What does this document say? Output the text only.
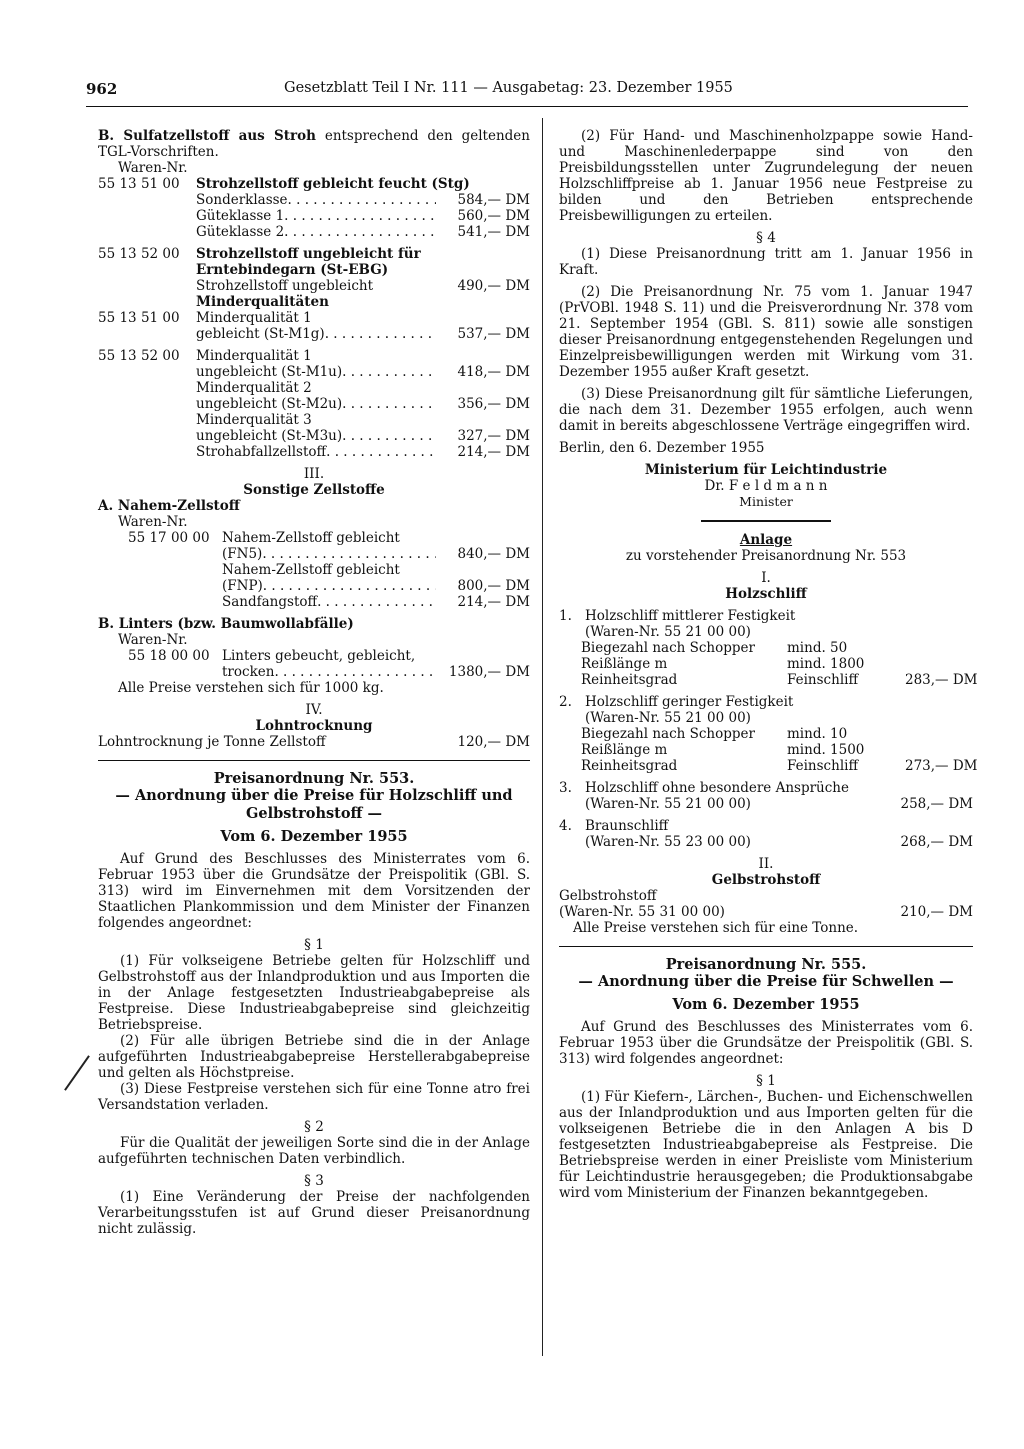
962	Gesetzblatt Teil I Nr. 111 — Ausgabetag: 23. Dezember 1955

B. Sulfatzellstoff aus Stroh entsprechend den geltenden TGL-Vorschriften.

Waren-Nr.

55 13 51 00	Strohzellstoff gebleicht feucht (Stg)
Sonderklasse . . .	584,— DM
Güteklasse 1 . . .	560,— DM
Güteklasse 2 . . .	541,— DM
55 13 52 00	Strohzellstoff ungebleicht für Erntebindegarn (St-EBG)
Strohzellstoff ungebleicht	490,— DM
Minderqualitäten
55 13 51 00	Minderqualität 1
gebleicht (St-M1g) . . .	537,— DM
55 13 52 00	Minderqualität 1
ungebleicht (St-M1u) . . .	418,— DM
Minderqualität 2
ungebleicht (St-M2u) . . .	356,— DM
Minderqualität 3
ungebleicht (St-M3u) . . .	327,— DM
Strohabfallzellstoff . . .	214,— DM

III.

Sonstige Zellstoffe

A. Nahem-Zellstoff

Waren-Nr.

55 17 00 00 Nahem-Zellstoff gebleicht
(FN5) . . .	840,— DM
Nahem-Zellstoff gebleicht
(FNP) . . .	800,— DM
Sandfangstoff . . .	214,— DM

B. Linters (bzw. Baumwollabfälle)

Waren-Nr.

55 18 00 00 Linters gebeucht, gebleicht,
trocken . . .	1380,— DM

Alle Preise verstehen sich für 1000 kg.

IV.

Lohntrocknung

Lohntrocknung je Tonne Zellstoff	120,— DM

Preisanordnung Nr. 553.

— Anordnung über die Preise für Holzschliff und Gelbstrohstoff —

Vom 6. Dezember 1955

Auf Grund des Beschlusses des Ministerrates vom 6. Februar 1953 über die Grundsätze der Preispolitik (GBl. S. 313) wird im Einvernehmen mit dem Vorsitzenden der Staatlichen Plankommission und dem Minister der Finanzen folgendes angeordnet:

§ 1

(1) Für volkseigene Betriebe gelten für Holzschliff und Gelbstrohstoff aus der Inlandproduktion und aus Importen die in der Anlage festgesetzten Industrieabgabepreise als Festpreise. Diese Industrieabgabepreise sind gleichzeitig Betriebspreise.

(2) Für alle übrigen Betriebe sind die in der Anlage aufgeführten Industrieabgabepreise Herstellerabgabepreise und gelten als Höchstpreise.

(3) Diese Festpreise verstehen sich für eine Tonne atro frei Versandstation verladen.

§ 2

Für die Qualität der jeweiligen Sorte sind die in der Anlage aufgeführten technischen Daten verbindlich.

§ 3

(1) Eine Veränderung der Preise der nachfolgenden Verarbeitungsstufen ist auf Grund dieser Preisanordnung nicht zulässig.

(2) Für Hand- und Maschinenholzpappe sowie Hand- und Maschinenlederpappe sind von den Preisbildungsstellen unter Zugrundelegung der neuen Holzschliffpreise ab 1. Januar 1956 neue Festpreise zu bilden und den Betrieben entsprechende Preisbewilligungen zu erteilen.

§ 4

(1) Diese Preisanordnung tritt am 1. Januar 1956 in Kraft.

(2) Die Preisanordnung Nr. 75 vom 1. Januar 1947 (PrVOBl. 1948 S. 11) und die Preisverordnung Nr. 378 vom 21. September 1954 (GBl. S. 811) sowie alle sonstigen dieser Preisanordnung entgegenstehenden Regelungen und Einzelpreisbewilligungen werden mit Wirkung vom 31. Dezember 1955 außer Kraft gesetzt.

(3) Diese Preisanordnung gilt für sämtliche Lieferungen, die nach dem 31. Dezember 1955 erfolgen, auch wenn damit in bereits abgeschlossene Verträge eingegriffen wird.

Berlin, den 6. Dezember 1955

Ministerium für Leichtindustrie

Dr. F e l d m a n n

Minister

Anlage

zu vorstehender Preisanordnung Nr. 553

I.

Holzschliff

1. Holzschliff mittlerer Festigkeit

(Waren-Nr. 55 21 00 00)

Biegezahl nach Schopper	mind. 50
Reißlänge m	mind. 1800
Reinheitsgrad	Feinschliff	283,— DM
2. Holzschliff geringer Festigkeit

(Waren-Nr. 55 21 00 00)

Biegezahl nach Schopper	mind. 10
Reißlänge m	mind. 1500
Reinheitsgrad	Feinschliff	273,— DM
3. Holzschliff ohne besondere Ansprüche
(Waren-Nr. 55 21 00 00)	258,— DM
4. Braunschliff
(Waren-Nr. 55 23 00 00)	268,— DM

II.

Gelbstrohstoff

Gelbstrohstoff

(Waren-Nr. 55 31 00 00)	210,— DM

Alle Preise verstehen sich für eine Tonne.

Preisanordnung Nr. 555.

— Anordnung über die Preise für Schwellen —

Vom 6. Dezember 1955

Auf Grund des Beschlusses des Ministerrates vom 6. Februar 1953 über die Grundsätze der Preispolitik (GBl. S. 313) wird folgendes angeordnet:

§ 1

(1) Für Kiefern-, Lärchen-, Buchen- und Eichenschwellen aus der Inlandproduktion und aus Importen gelten für die volkseigenen Betriebe die in den Anlagen A bis D festgesetzten Industrieabgabepreise als Festpreise. Die Betriebspreise werden in einer Preisliste vom Ministerium für Leichtindustrie herausgegeben; die Produktionsabgabe wird vom Ministerium der Finanzen bekanntgegeben.
